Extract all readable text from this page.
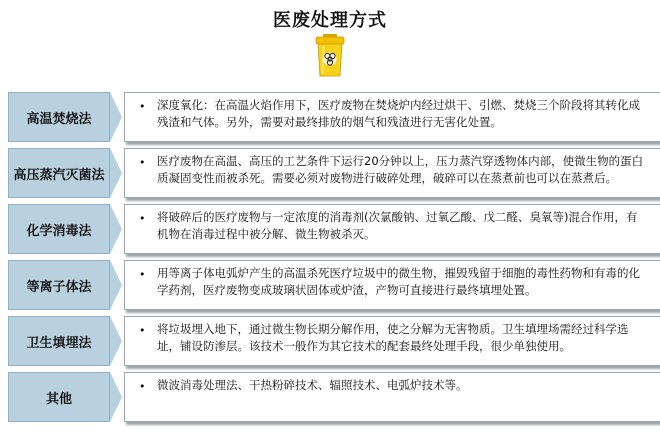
医废处理方式
高温焚烧法
• 深度氧化：在高温火焰作用下，医疗废物在焚烧炉内经过烘干、引燃、焚烧三个阶段将其转化成残渣和气体。另外，需要对最终排放的烟气和残渣进行无害化处置。
高压蒸汽灭菌法
• 医疗废物在高温、高压的工艺条件下运行20分钟以上，压力蒸汽穿透物体内部，使微生物的蛋白质凝固变性而被杀死。需要必须对废物进行破碎处理，破碎可以在蒸煮前也可以在蒸煮后。
化学消毒法
• 将破碎后的医疗废物与一定浓度的消毒剂(次氯酸钠、过氧乙酸、戊二醛、臭氧等)混合作用，有机物在消毒过程中被分解、微生物被杀灭。
等离子体法
• 用等离子体电弧炉产生的高温杀死医疗垃圾中的微生物，摧毁残留于细胞的毒性药物和有毒的化学药剂，医疗废物变成玻璃状固体或炉渣，产物可直接进行最终填埋处置。
卫生填埋法
• 将垃圾埋入地下，通过微生物长期分解作用，使之分解为无害物质。卫生填埋场需经过科学选址，铺设防渗层。该技术一般作为其它技术的配套最终处理手段，很少单独使用。
其他
• 微波消毒处理法、干热粉碎技术、辐照技术、电弧炉技术等。
